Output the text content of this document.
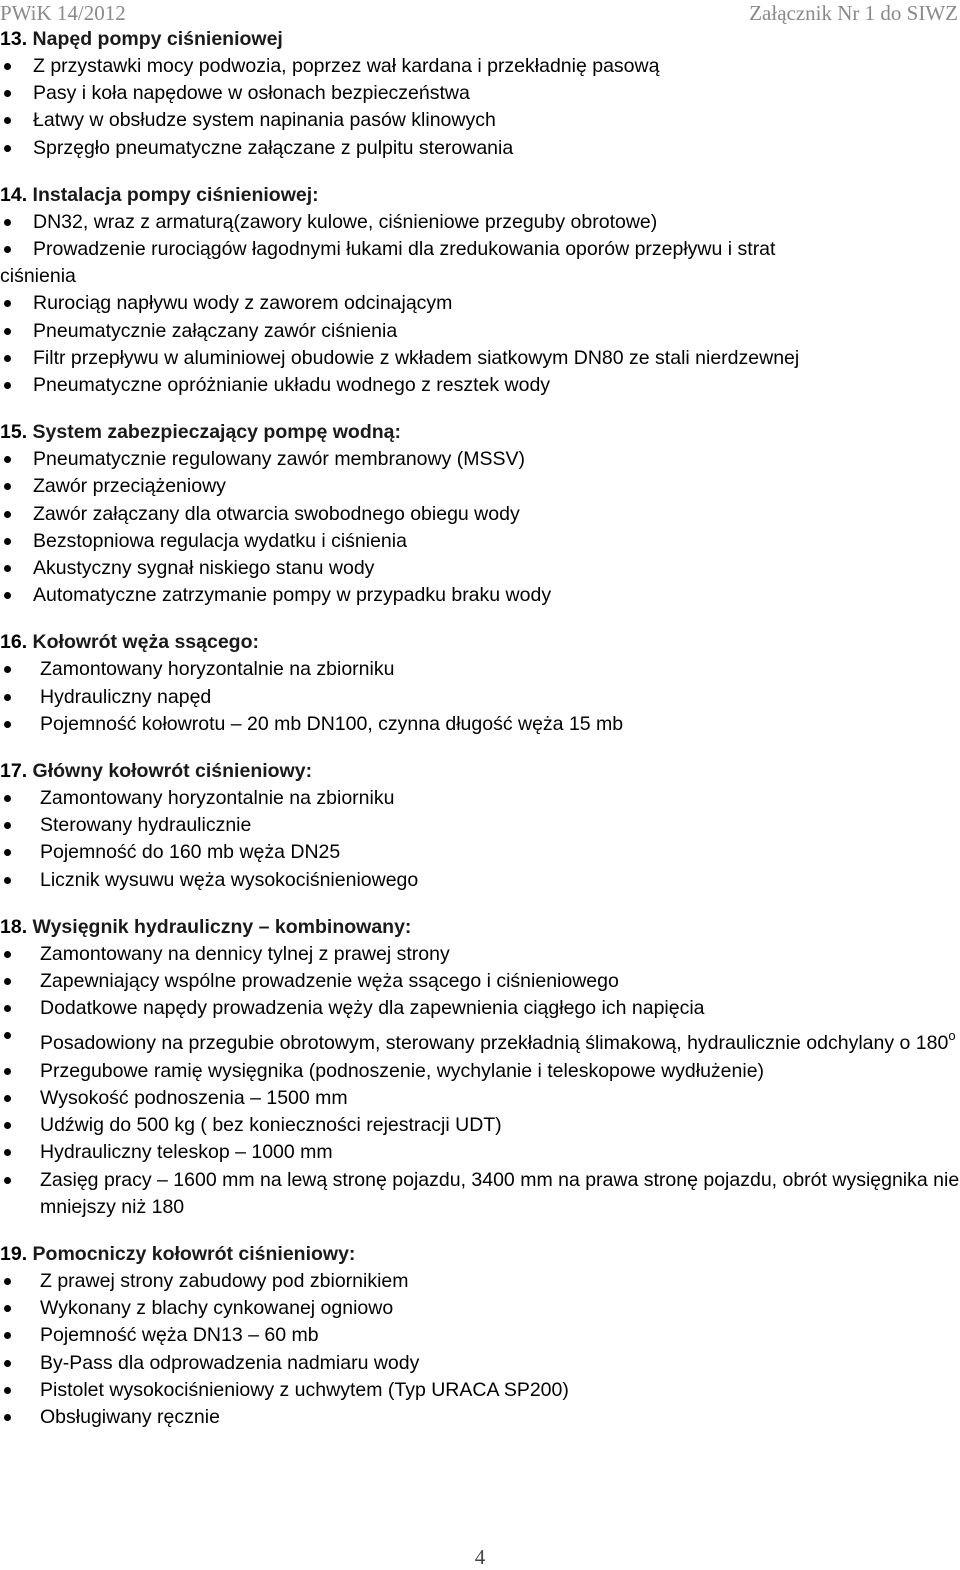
PWiK 14/2012	Załącznik Nr 1 do SIWZ
13. Napęd pompy ciśnieniowej
Z przystawki mocy podwozia, poprzez wał kardana i przekładnię pasową
Pasy i koła napędowe w osłonach bezpieczeństwa
Łatwy w obsłudze system napinania pasów klinowych
Sprzęgło pneumatyczne załączane z pulpitu sterowania
14. Instalacja pompy ciśnieniowej:
DN32, wraz z armaturą(zawory kulowe, ciśnieniowe przeguby obrotowe)
Prowadzenie rurociągów łagodnymi łukami dla zredukowania oporów przepływu i strat
ciśnienia
Rurociąg napływu wody z zaworem odcinającym
Pneumatycznie załączany zawór ciśnienia
Filtr przepływu w aluminiowej obudowie z wkładem siatkowym DN80 ze stali nierdzewnej
Pneumatyczne opróżnianie układu wodnego z resztek wody
15. System zabezpieczający pompę wodną:
Pneumatycznie regulowany zawór membranowy (MSSV)
Zawór przeciążeniowy
Zawór załączany dla otwarcia swobodnego obiegu wody
Bezstopniowa regulacja wydatku i ciśnienia
Akustyczny sygnał niskiego stanu wody
Automatyczne zatrzymanie pompy w przypadku braku wody
16. Kołowrót węża ssącego:
Zamontowany horyzontalnie na zbiorniku
Hydrauliczny napęd
Pojemność kołowrotu – 20 mb DN100, czynna długość węża 15 mb
17. Główny kołowrót ciśnieniowy:
Zamontowany horyzontalnie na zbiorniku
Sterowany hydraulicznie
Pojemność do 160 mb węża DN25
Licznik wysuwu węża wysokociśnieniowego
18. Wysięgnik hydrauliczny – kombinowany:
Zamontowany na dennicy tylnej z prawej strony
Zapewniający wspólne prowadzenie węża ssącego i ciśnieniowego
Dodatkowe napędy prowadzenia węży dla zapewnienia ciągłego ich napięcia
Posadowiony na przegubie obrotowym, sterowany przekładnią ślimakową, hydraulicznie odchylany o 180$^o$
Przegubowe ramię wysięgnika (podnoszenie, wychylanie i teleskopowe wydłużenie)
Wysokość podnoszenia – 1500 mm
Udźwig do 500 kg ( bez konieczności rejestracji UDT)
Hydrauliczny teleskop – 1000 mm
Zasięg pracy – 1600 mm na lewą stronę pojazdu, 3400 mm na prawa stronę pojazdu, obrót wysięgnika nie mniejszy niż 180
19. Pomocniczy kołowrót ciśnieniowy:
Z prawej strony zabudowy pod zbiornikiem
Wykonany z blachy cynkowanej ogniowo
Pojemność węża DN13 – 60 mb
By-Pass dla odprowadzenia nadmiaru wody
Pistolet wysokociśnieniowy z uchwytem (Typ URACA SP200)
Obsługiwany ręcznie
4
